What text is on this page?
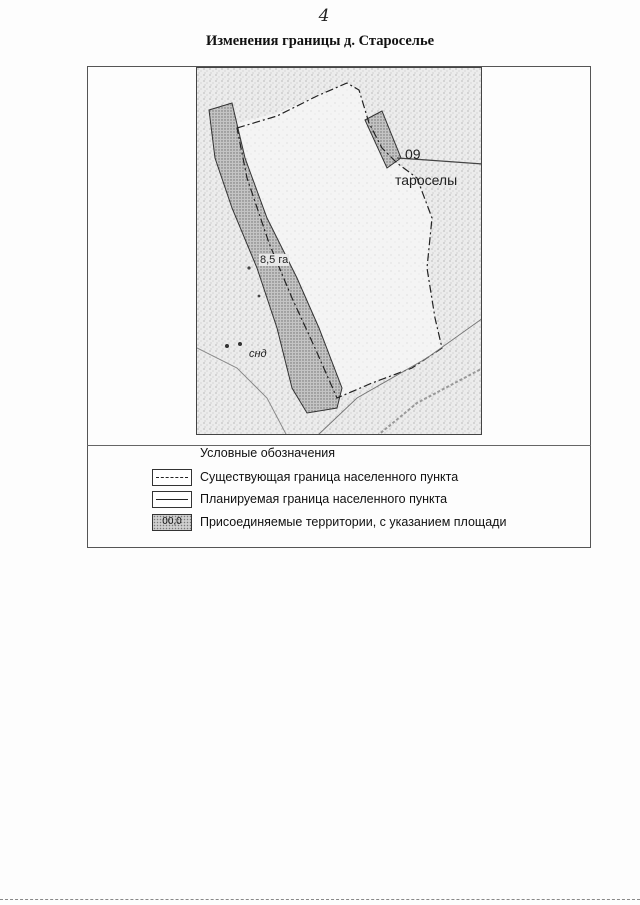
4
Изменения границы д. Староселье
8,5 га
тароселы
09
снд
Условные обозначения
Существующая граница населенного пункта
Планируемая граница населенного пункта
00,0	Присоединяемые территории, с указанием площади
